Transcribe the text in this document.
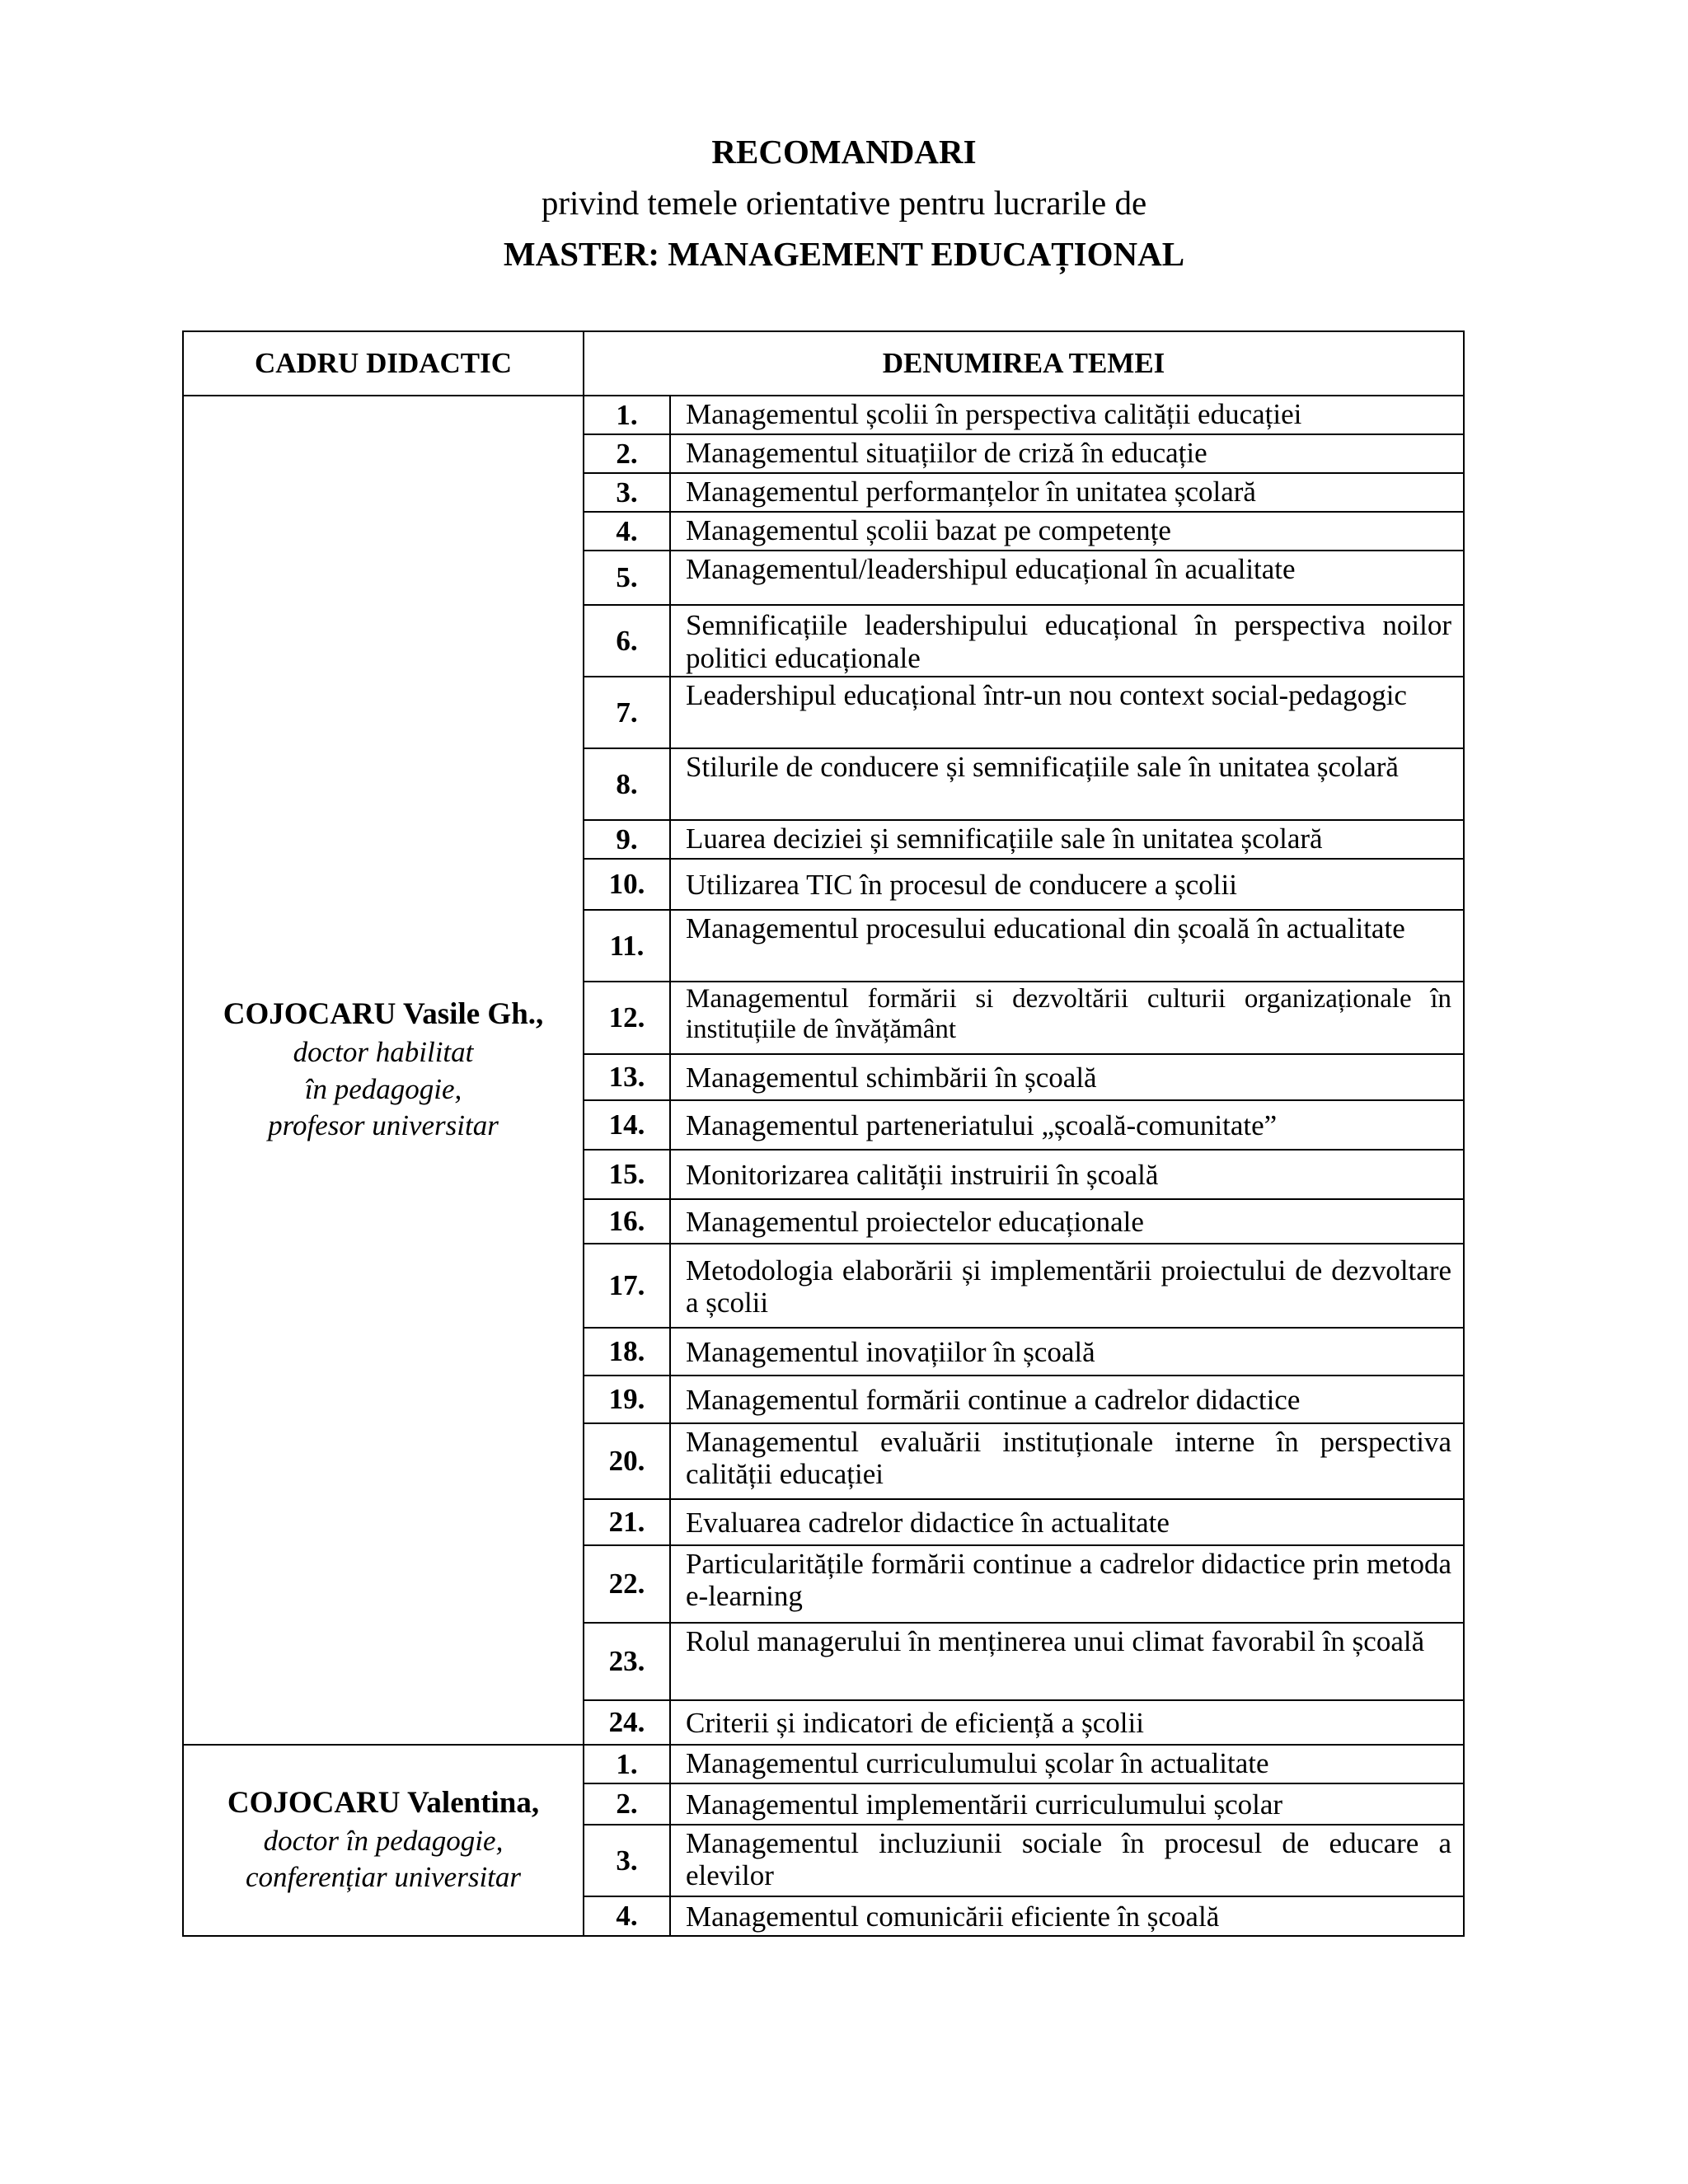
RECOMANDARI
privind temele orientative pentru lucrarile de
MASTER: MANAGEMENT EDUCAȚIONAL
CADRU DIDACTIC	DENUMIREA TEMEI	

COJOCARU Vasile Gh.,
doctor habilitat
în pedagogie,
profesor universitar	1.	Managementul școlii în perspectiva calității educației
	2.	Managementul situațiilor de criză în educație
	3.	Managementul performanțelor în unitatea școlară
	4.	Managementul școlii bazat pe competențe
	5.	Managementul/leadershipul educațional în acualitate
	6.	Semnificațiile leadershipului educațional în perspectiva noilor politici educaționale
	7.	Leadershipul educațional într-un nou context social-pedagogic
	8.	Stilurile de conducere și semnificațiile sale în unitatea școlară
	9.	Luarea deciziei și semnificațiile sale în unitatea școlară
	10.	Utilizarea TIC în procesul de conducere a școlii
	11.	Managementul procesului educational din școală în actualitate
	12.	Managementul formării si dezvoltării culturii organizaționale în instituțiile de învățământ
	13.	Managementul schimbării în școală
	14.	Managementul parteneriatului „școală-comunitate”
	15.	Monitorizarea calității instruirii în școală
	16.	Managementul proiectelor educaționale
	17.	Metodologia elaborării și implementării proiectului de dezvoltare a școlii
	18.	Managementul inovațiilor în școală
	19.	Managementul formării continue a cadrelor didactice
	20.	Managementul evaluării instituționale interne în perspectiva calității educației
	21.	Evaluarea cadrelor didactice în actualitate
	22.	Particularitățile formării continue a cadrelor didactice prin metoda e-learning
	23.	Rolul managerului în menținerea unui climat favorabil în școală
	24.	Criterii și indicatori de eficiență a școlii

COJOCARU Valentina,
doctor în pedagogie,
conferențiar universitar	1.	Managementul curriculumului școlar în actualitate
	2.	Managementul implementării curriculumului școlar
	3.	Managementul incluziunii sociale în procesul de educare a elevilor
	4.	Managementul comunicării eficiente în școală
